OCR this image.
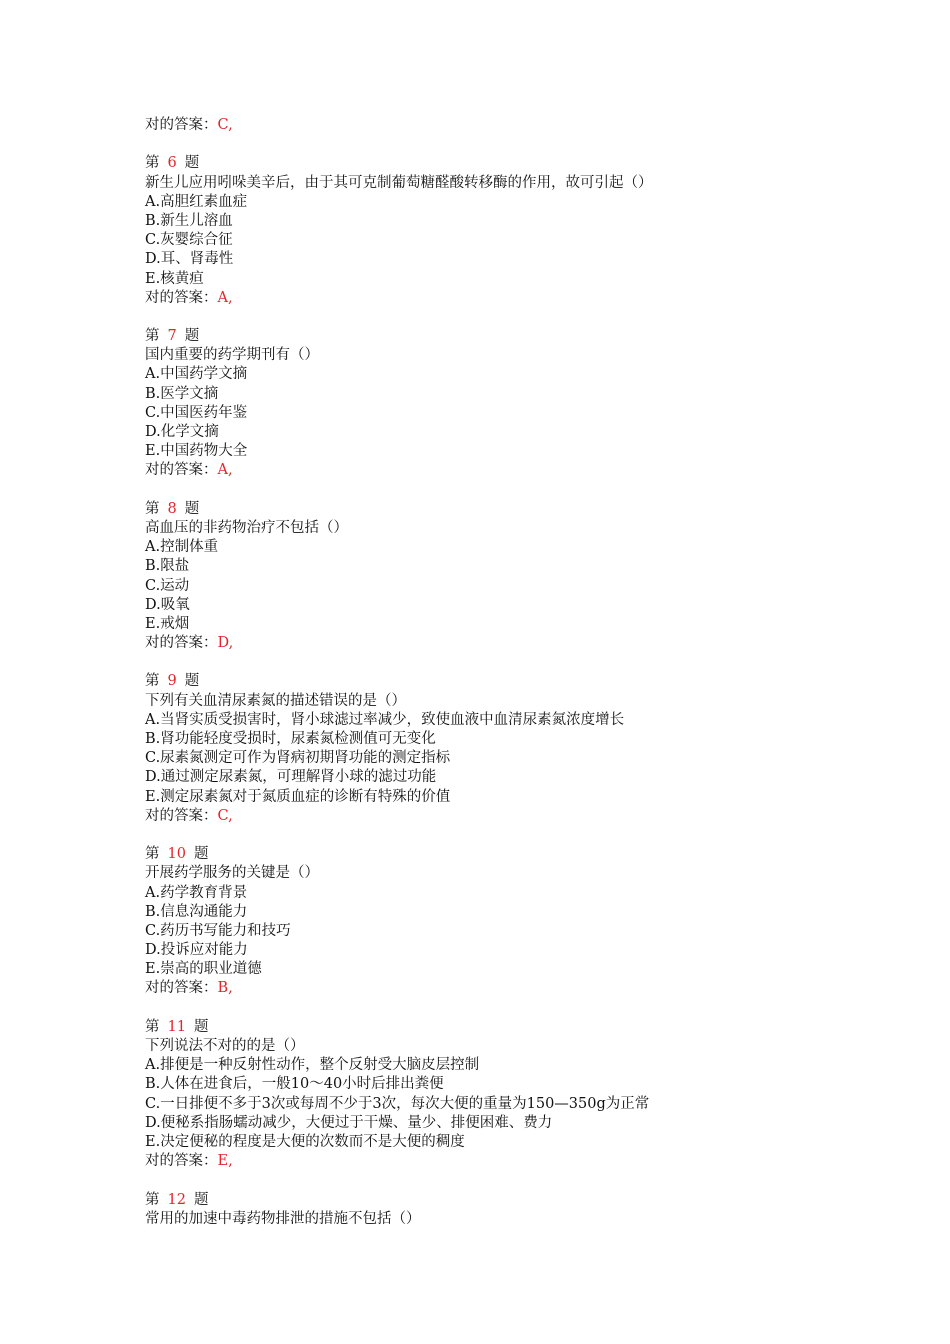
对的答案：C,
第 6 题
新生儿应用吲哚美辛后，由于其可克制葡萄糖醛酸转移酶的作用，故可引起（）
A.高胆红素血症
B.新生儿溶血
C.灰婴综合征
D.耳、肾毒性
E.核黄疸
对的答案：A,
第 7 题
国内重要的药学期刊有（）
A.中国药学文摘
B.医学文摘
C.中国医药年鉴
D.化学文摘
E.中国药物大全
对的答案：A,
第 8 题
高血压的非药物治疗不包括（）
A.控制体重
B.限盐
C.运动
D.吸氧
E.戒烟
对的答案：D,
第 9 题
下列有关血清尿素氮的描述错误的是（）
A.当肾实质受损害时，肾小球滤过率减少，致使血液中血清尿素氮浓度增长
B.肾功能轻度受损时，尿素氮检测值可无变化
C.尿素氮测定可作为肾病初期肾功能的测定指标
D.通过测定尿素氮，可理解肾小球的滤过功能
E.测定尿素氮对于氮质血症的诊断有特殊的价值
对的答案：C,
第 10 题
开展药学服务的关键是（）
A.药学教育背景
B.信息沟通能力
C.药历书写能力和技巧
D.投诉应对能力
E.崇高的职业道德
对的答案：B,
第 11 题
下列说法不对的的是（）
A.排便是一种反射性动作，整个反射受大脑皮层控制
B.人体在进食后，一般10～40小时后排出粪便
C.一日排便不多于3次或每周不少于3次，每次大便的重量为150—350g为正常
D.便秘系指肠蠕动减少，大便过于干燥、量少、排便困难、费力
E.决定便秘的程度是大便的次数而不是大便的稠度
对的答案：E,
第 12 题
常用的加速中毒药物排泄的措施不包括（）
